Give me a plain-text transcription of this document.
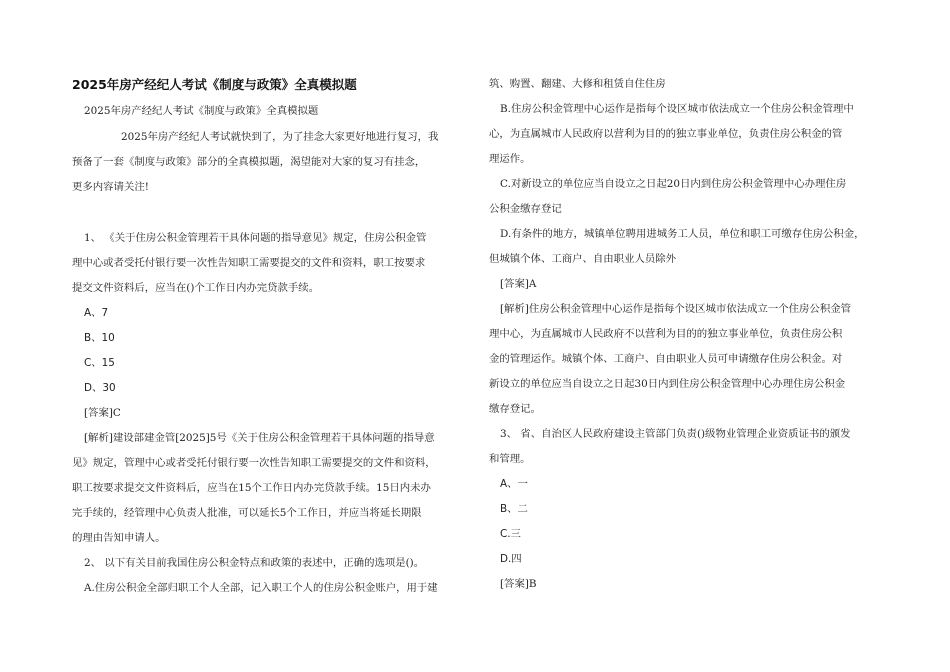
2025年房产经纪人考试《制度与政策》全真模拟题
2025年房产经纪人考试《制度与政策》全真模拟题
2025年房产经纪人考试就快到了，为了挂念大家更好地进行复习，我
预备了一套《制度与政策》部分的全真模拟题，渴望能对大家的复习有挂念，
更多内容请关注!
1、 《关于住房公积金管理若干具体问题的指导意见》规定，住房公积金管
理中心或者受托付银行要一次性告知职工需要提交的文件和资料，职工按要求
提交文件资料后，应当在()个工作日内办完贷款手续。
A、7
B、10
C、15
D、30
[答案]C
[解析]建设部建金管[2025]5号《关于住房公积金管理若干具体问题的指导意
见》规定，管理中心或者受托付银行要一次性告知职工需要提交的文件和资料，
职工按要求提交文件资料后，应当在15个工作日内办完贷款手续。15日内未办
完手续的，经管理中心负责人批准，可以延长5个工作日，并应当将延长期限
的理由告知申请人。
2、 以下有关目前我国住房公积金特点和政策的表述中，正确的选项是()。
A.住房公积金全部归职工个人全部，记入职工个人的住房公积金账户，用于建
筑、购置、翻建、大修和租赁自住住房
B.住房公积金管理中心运作是指每个设区城市依法成立一个住房公积金管理中
心，为直属城市人民政府以营利为目的的独立事业单位，负责住房公积金的管
理运作。
C.对新设立的单位应当自设立之日起20日内到住房公积金管理中心办理住房
公积金缴存登记
D.有条件的地方，城镇单位聘用进城务工人员，单位和职工可缴存住房公积金，
但城镇个体、工商户、自由职业人员除外
[答案]A
[解析]住房公积金管理中心运作是指每个设区城市依法成立一个住房公积金管
理中心，为直属城市人民政府不以营利为目的的独立事业单位，负责住房公积
金的管理运作。城镇个体、工商户、自由职业人员可申请缴存住房公积金。对
新设立的单位应当自设立之日起30日内到住房公积金管理中心办理住房公积金
缴存登记。
3、 省、自治区人民政府建设主管部门负责()级物业管理企业资质证书的颁发
和管理。
A、一
B、二
C.三
D.四
[答案]B
